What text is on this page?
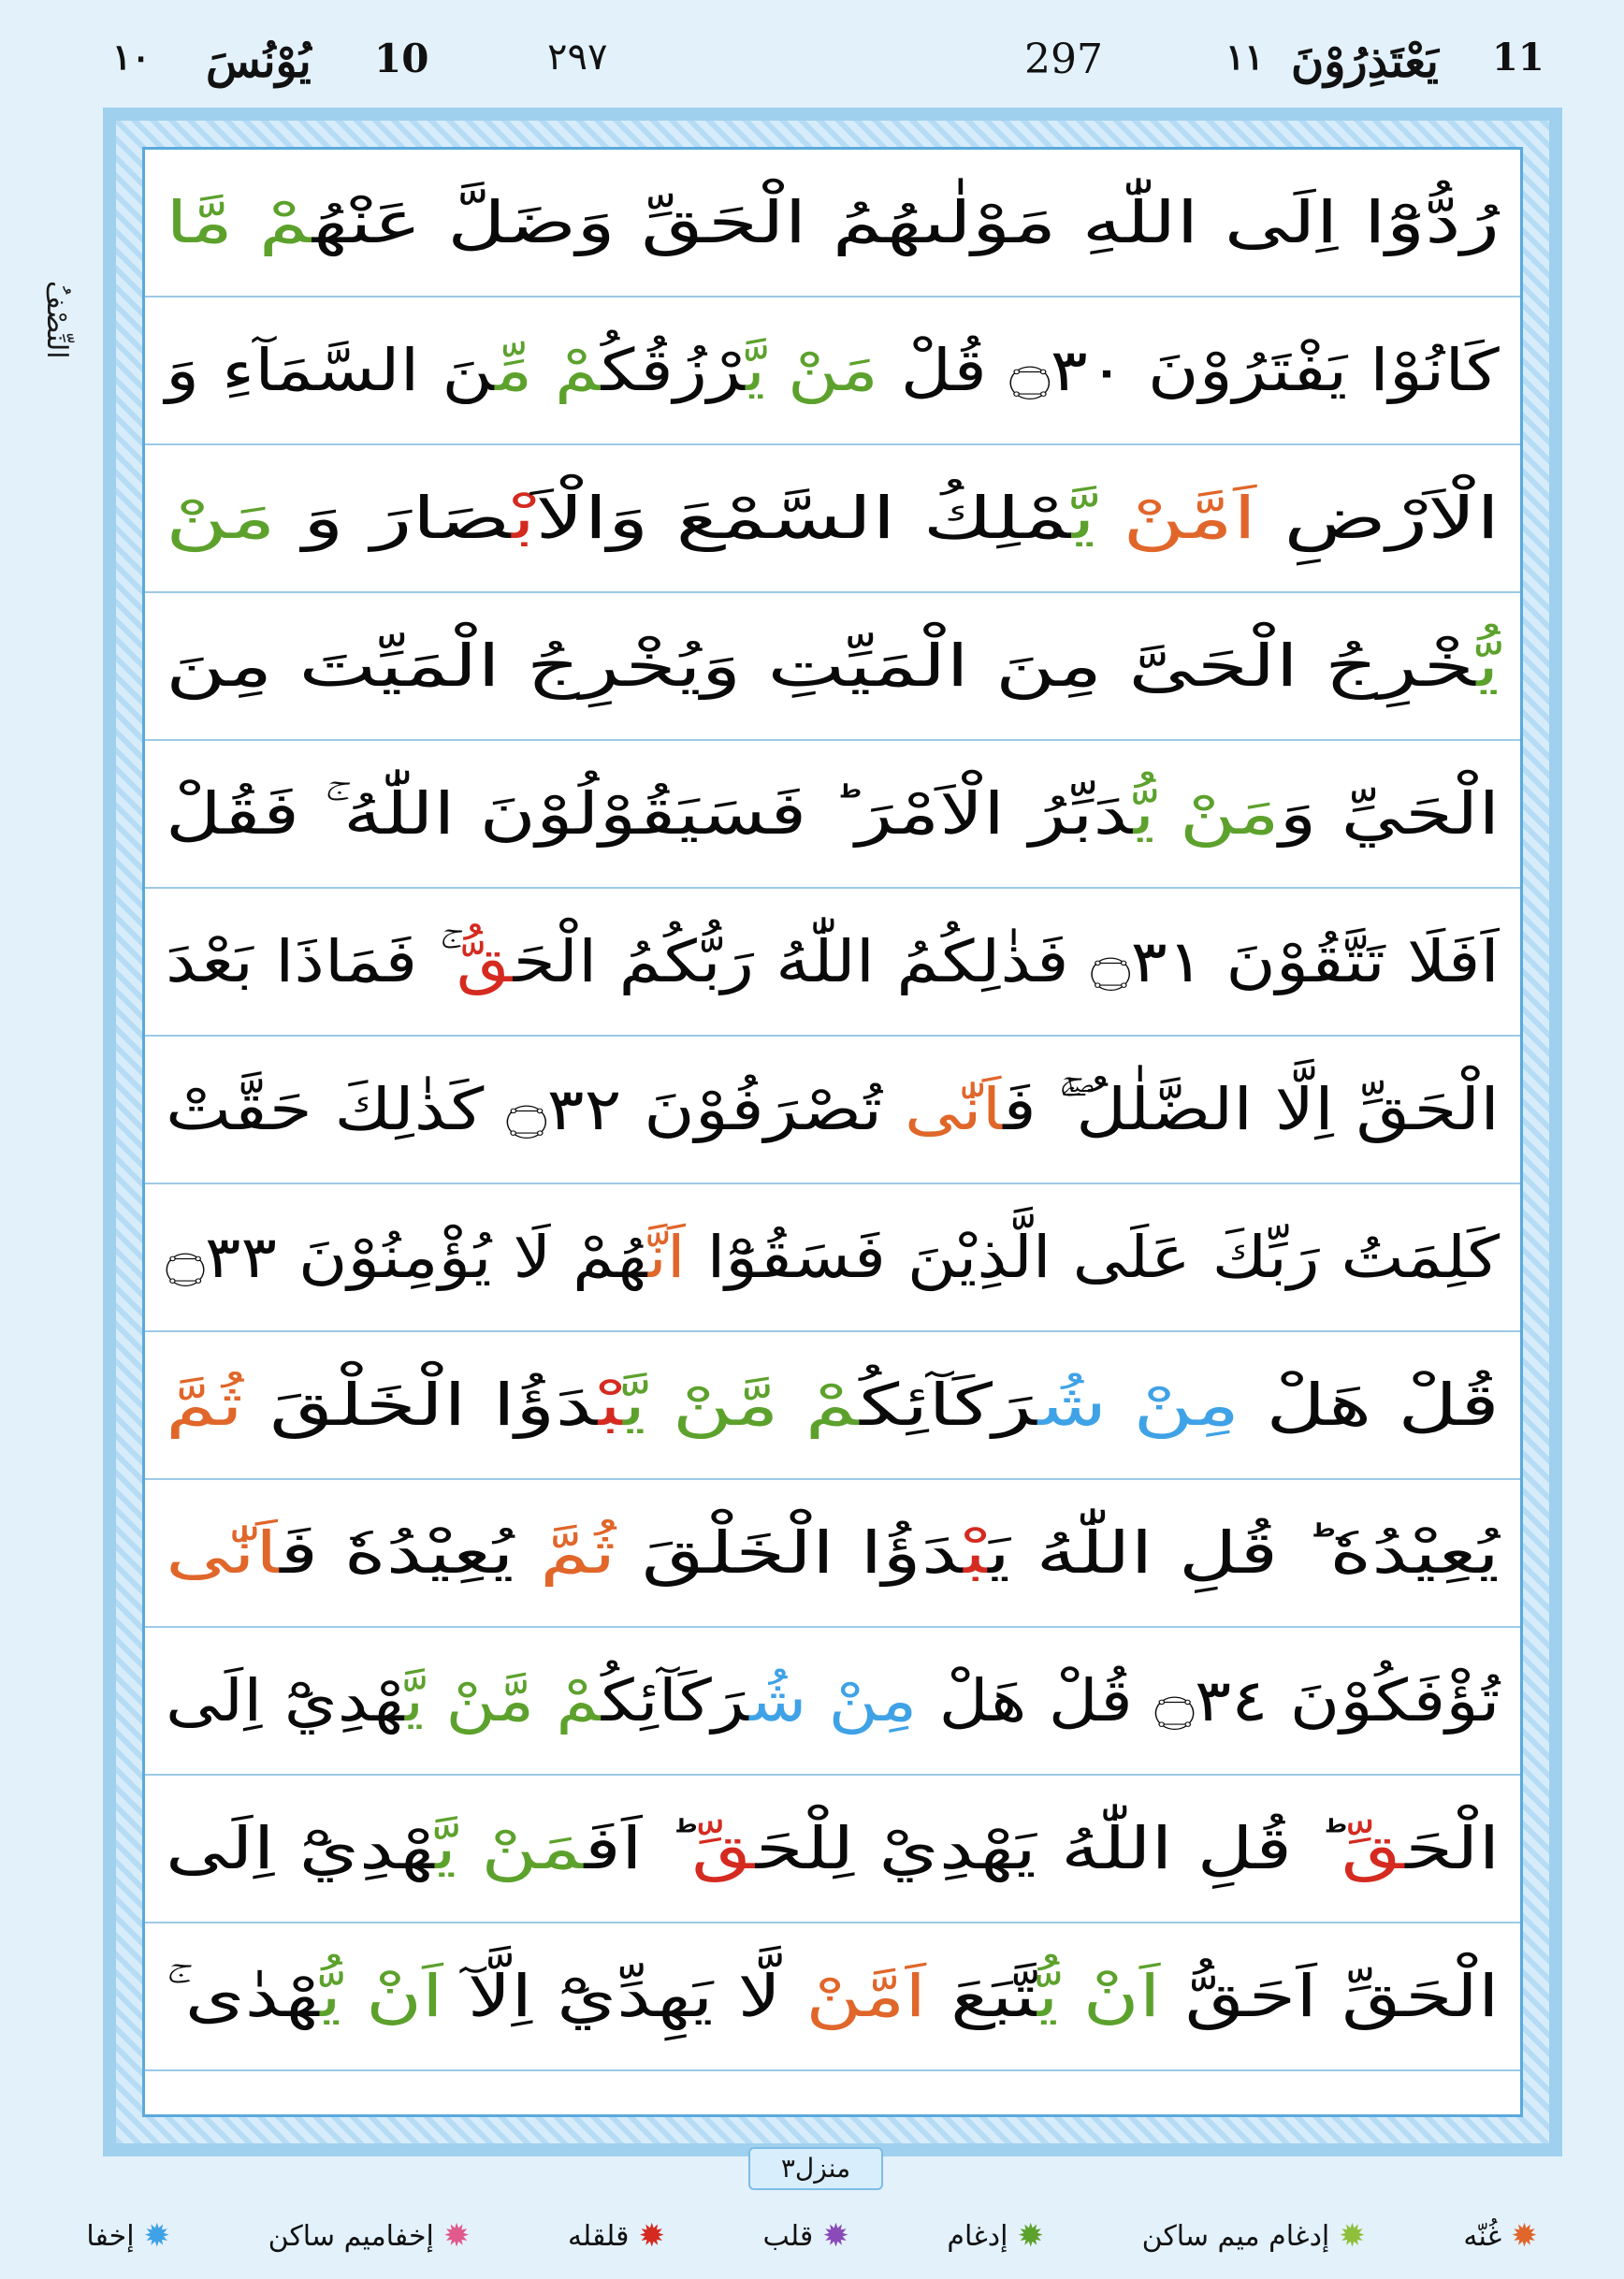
١٠ يُوْنُسَ 10	٢٩٧	297	١١ يَعْتَذِرُوْنَ 11
النِّصْفُ
رُدُّوْٓا اِلَى اللّٰهِ مَوْلٰىهُمُ الْحَقِّ وَضَلَّ عَنْهُمْ مَّا
كَانُوْا يَفْتَرُوْنَ ۝٣٠ قُلْ مَنْ يَّرْزُقُكُمْ مِّنَ السَّمَآءِ وَ
الْاَرْضِ اَمَّنْ يَّمْلِكُ السَّمْعَ وَالْاَبْصَارَ وَ مَنْ
يُّخْرِجُ الْحَیَّ مِنَ الْمَيِّتِ وَيُخْرِجُ الْمَيِّتَ مِنَ
الْحَيِّ وَمَنْ يُّدَبِّرُ الْاَمْرَ ؕ فَسَيَقُوْلُوْنَ اللّٰهُ ۚ فَقُلْ
اَفَلَا تَتَّقُوْنَ ۝٣١ فَذٰلِكُمُ اللّٰهُ رَبُّكُمُ الْحَقُّ ۚ فَمَاذَا بَعْدَ
الْحَقِّ اِلَّا الضَّلٰلُ ۚۖ فَاَنّٰى تُصْرَفُوْنَ ۝٣٢ كَذٰلِكَ حَقَّتْ
كَلِمَتُ رَبِّكَ عَلَى الَّذِيْنَ فَسَقُوْٓا اَنَّهُمْ لَا يُؤْمِنُوْنَ ۝٣٣
قُلْ هَلْ مِنْ شُرَكَآئِكُمْ مَّنْ يَّبْدَؤُا الْخَلْقَ ثُمَّ
يُعِيْدُهٗ ؕ قُلِ اللّٰهُ يَبْدَؤُا الْخَلْقَ ثُمَّ يُعِيْدُهٗ فَاَنّٰى
تُؤْفَكُوْنَ ۝٣٤ قُلْ هَلْ مِنْ شُرَكَآئِكُمْ مَّنْ يَّهْدِيْٓ اِلَى
الْحَقِّ ؕ قُلِ اللّٰهُ يَهْدِيْ لِلْحَقِّ ؕ اَفَمَنْ يَّهْدِيْٓ اِلَى
الْحَقِّ اَحَقُّ اَنْ يُّتَّبَعَ اَمَّنْ لَّا يَهِدِّيْٓ اِلَّآ اَنْ يُّهْدٰى ۚ
منزل٣
✹
إخفا	✹
إخفاميم ساكن	✹
قلقله	✹
قلب	✹
إدغام	✹
إدغام ميم ساكن	✹
غُنّه
